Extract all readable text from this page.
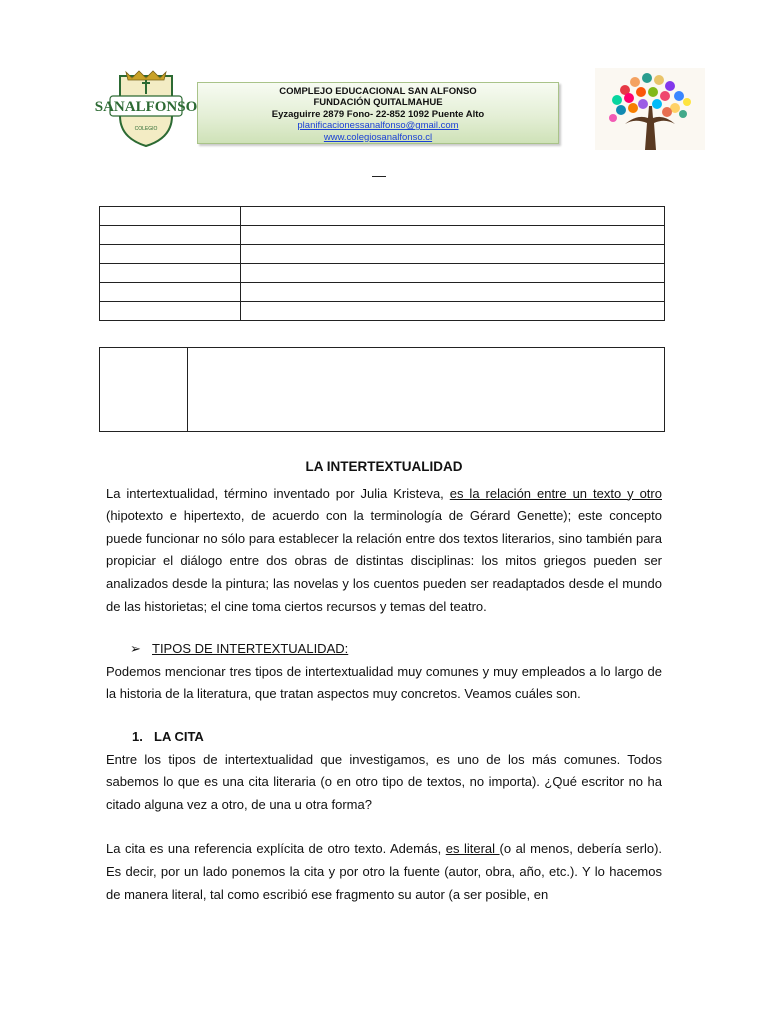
SANALFONSO
COLEGIO
COMPLEJO EDUCACIONAL SAN ALFONSO
FUNDACIÓN QUITALMAHUE
Eyzaguirre 2879 Fono- 22-852 1092 Puente Alto
planificacionessanalfonso@gmail.com
www.colegiosanalfonso.cl

LA INTERTEXTUALIDAD

La intertextualidad, término inventado por Julia Kristeva, es la relación entre un texto y otro (hipotexto e hipertexto, de acuerdo con la terminología de Gérard Genette); este concepto puede funcionar no sólo para establecer la relación entre dos textos literarios, sino también para propiciar el diálogo entre dos obras de distintas disciplinas: los mitos griegos pueden ser analizados desde la pintura; las novelas y los cuentos pueden ser readaptados desde el mundo de las historietas; el cine toma ciertos recursos y temas del teatro.

➢ TIPOS DE INTERTEXTUALIDAD:

Podemos mencionar tres tipos de intertextualidad muy comunes y muy empleados a lo largo de la historia de la literatura, que tratan aspectos muy concretos. Veamos cuáles son.

1. LA CITA

Entre los tipos de intertextualidad que investigamos, es uno de los más comunes. Todos sabemos lo que es una cita literaria (o en otro tipo de textos, no importa). ¿Qué escritor no ha citado alguna vez a otro, de una u otra forma?

La cita es una referencia explícita de otro texto. Además, es literal (o al menos, debería serlo). Es decir, por un lado ponemos la cita y por otro la fuente (autor, obra, año, etc.). Y lo hacemos de manera literal, tal como escribió ese fragmento su autor (a ser posible, en
